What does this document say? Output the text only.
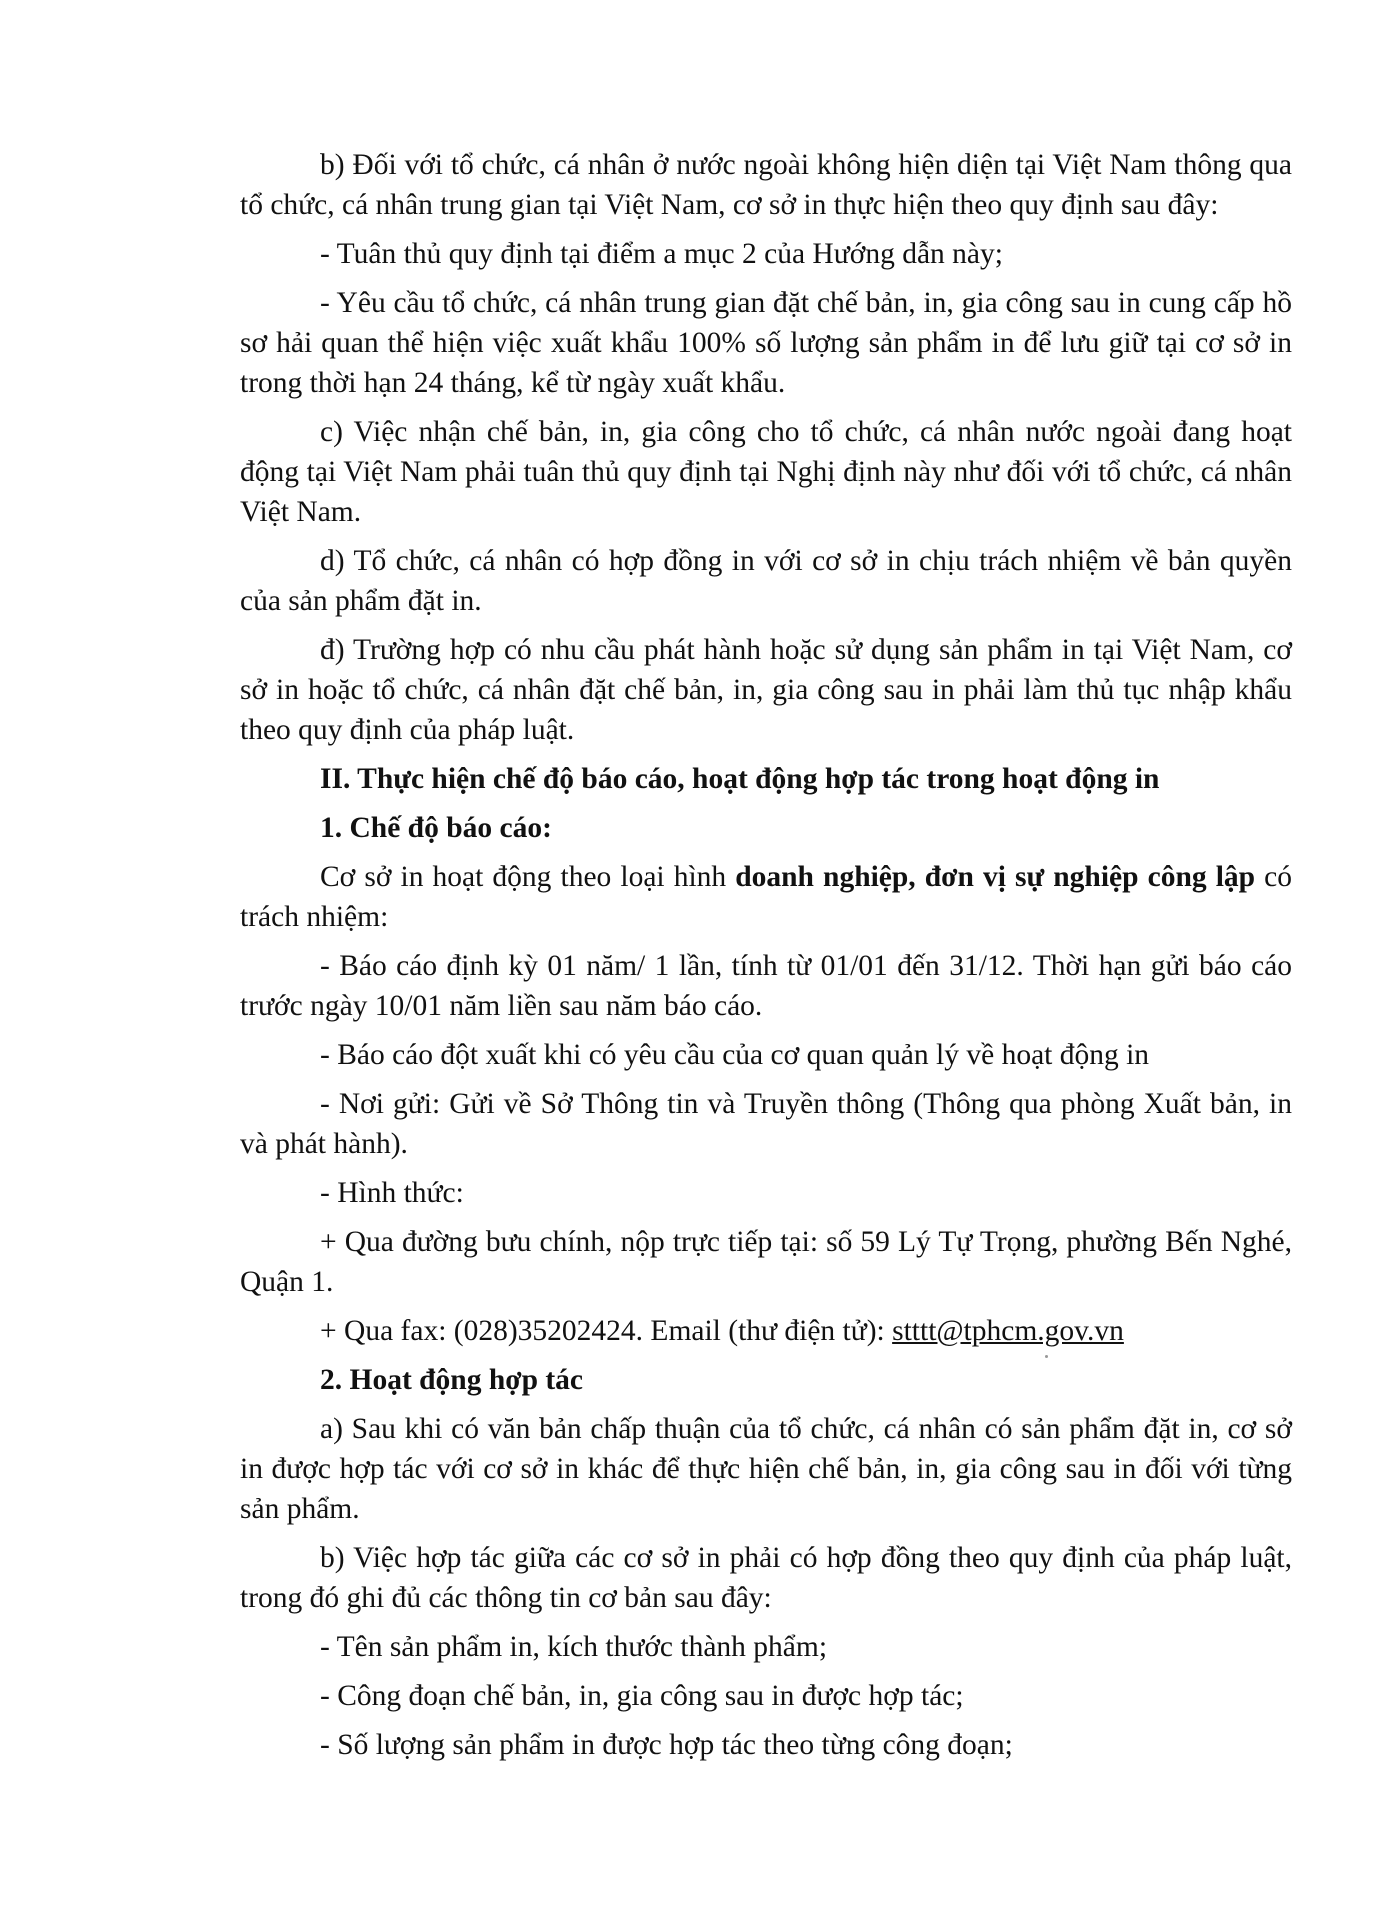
b) Đối với tổ chức, cá nhân ở nước ngoài không hiện diện tại Việt Nam thông qua tổ chức, cá nhân trung gian tại Việt Nam, cơ sở in thực hiện theo quy định sau đây:

- Tuân thủ quy định tại điểm a mục 2 của Hướng dẫn này;

- Yêu cầu tổ chức, cá nhân trung gian đặt chế bản, in, gia công sau in cung cấp hồ sơ hải quan thể hiện việc xuất khẩu 100% số lượng sản phẩm in để lưu giữ tại cơ sở in trong thời hạn 24 tháng, kể từ ngày xuất khẩu.

c) Việc nhận chế bản, in, gia công cho tổ chức, cá nhân nước ngoài đang hoạt động tại Việt Nam phải tuân thủ quy định tại Nghị định này như đối với tổ chức, cá nhân Việt Nam.

d) Tổ chức, cá nhân có hợp đồng in với cơ sở in chịu trách nhiệm về bản quyền của sản phẩm đặt in.

đ) Trường hợp có nhu cầu phát hành hoặc sử dụng sản phẩm in tại Việt Nam, cơ sở in hoặc tổ chức, cá nhân đặt chế bản, in, gia công sau in phải làm thủ tục nhập khẩu theo quy định của pháp luật.

II. Thực hiện chế độ báo cáo, hoạt động hợp tác trong hoạt động in

1. Chế độ báo cáo:

Cơ sở in hoạt động theo loại hình doanh nghiệp, đơn vị sự nghiệp công lập có trách nhiệm:

- Báo cáo định kỳ 01 năm/ 1 lần, tính từ 01/01 đến 31/12. Thời hạn gửi báo cáo trước ngày 10/01 năm liền sau năm báo cáo.

- Báo cáo đột xuất khi có yêu cầu của cơ quan quản lý về hoạt động in

- Nơi gửi: Gửi về Sở Thông tin và Truyền thông (Thông qua phòng Xuất bản, in và phát hành).

- Hình thức:

+ Qua đường bưu chính, nộp trực tiếp tại: số 59 Lý Tự Trọng, phường Bến Nghé, Quận 1.

+ Qua fax: (028)35202424. Email (thư điện tử): stttt@tphcm.gov.vn

2. Hoạt động hợp tác

a) Sau khi có văn bản chấp thuận của tổ chức, cá nhân có sản phẩm đặt in, cơ sở in được hợp tác với cơ sở in khác để thực hiện chế bản, in, gia công sau in đối với từng sản phẩm.

b) Việc hợp tác giữa các cơ sở in phải có hợp đồng theo quy định của pháp luật, trong đó ghi đủ các thông tin cơ bản sau đây:

- Tên sản phẩm in, kích thước thành phẩm;

- Công đoạn chế bản, in, gia công sau in được hợp tác;

- Số lượng sản phẩm in được hợp tác theo từng công đoạn;
